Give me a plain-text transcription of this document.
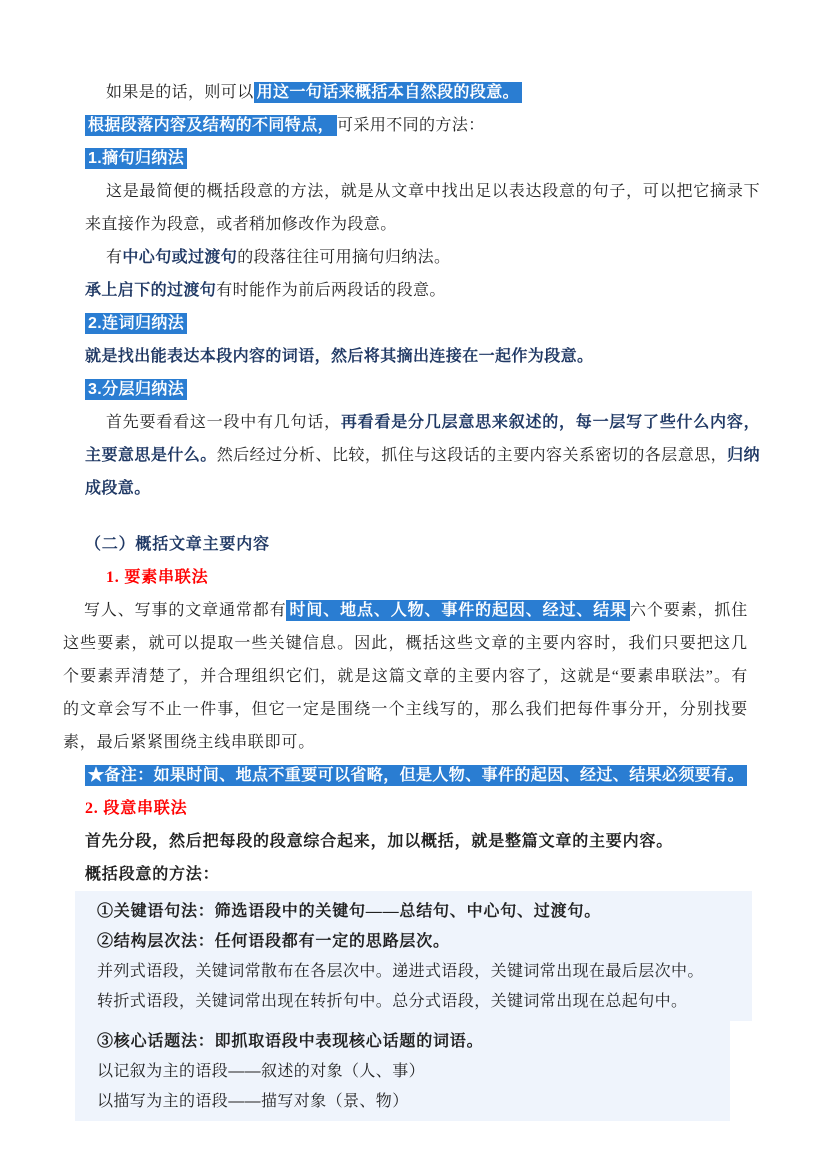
如果是的话，则可以 用这一句话来概括本自然段的段意。

根据段落内容及结构的不同特点， 可采用不同的方法：

1.摘句归纳法

这是最简便的概括段意的方法，就是从文章中找出足以表达段意的句子，可以把它摘录下来直接作为段意，或者稍加修改作为段意。

有中心句或过渡句的段落往往可用摘句归纳法。

承上启下的过渡句有时能作为前后两段话的段意。

2.连词归纳法

就是找出能表达本段内容的词语，然后将其摘出连接在一起作为段意。

3.分层归纳法

首先要看看这一段中有几句话，再看看是分几层意思来叙述的，每一层写了些什么内容，主要意思是什么。然后经过分析、比较，抓住与这段话的主要内容关系密切的各层意思，归纳成段意。

（二）概括文章主要内容
1. 要素串联法

写人、写事的文章通常都有 时间、地点、人物、事件的起因、经过、结果 六个要素，抓住这些要素，就可以提取一些关键信息。因此，概括这些文章的主要内容时，我们只要把这几个要素弄清楚了，并合理组织它们，就是这篇文章的主要内容了，这就是“要素串联法”。有的文章会写不止一件事，但它一定是围绕一个主线写的，那么我们把每件事分开，分别找要素，最后紧紧围绕主线串联即可。

★备注：如果时间、地点不重要可以省略，但是人物、事件的起因、经过、结果必须要有。

2. 段意串联法

首先分段，然后把每段的段意综合起来，加以概括，就是整篇文章的主要内容。

概括段意的方法：

①关键语句法：筛选语段中的关键句——总结句、中心句、过渡句。

②结构层次法：任何语段都有一定的思路层次。

并列式语段，关键词常散布在各层次中。递进式语段，关键词常出现在最后层次中。

转折式语段，关键词常出现在转折句中。总分式语段，关键词常出现在总起句中。

③核心话题法：即抓取语段中表现核心话题的词语。

以记叙为主的语段——叙述的对象（人、事）

以描写为主的语段——描写对象（景、物）
